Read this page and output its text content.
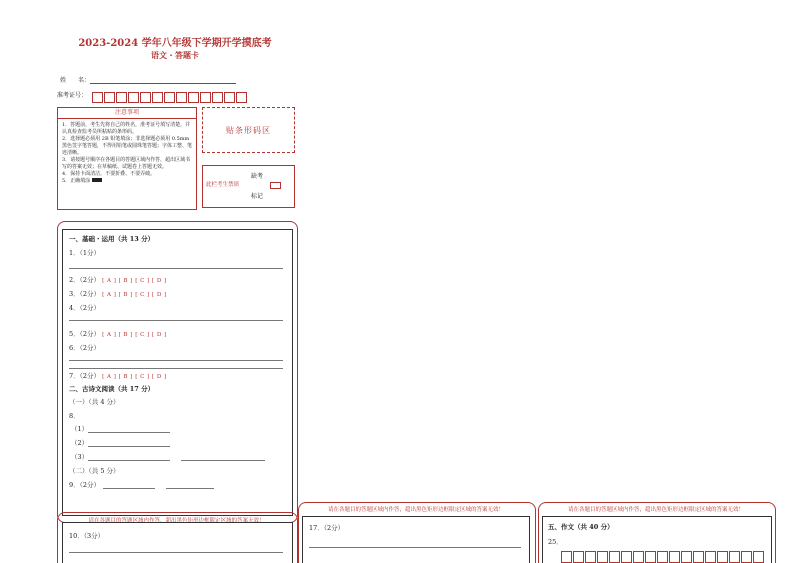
2023-2024 学年八年级下学期开学摸底考
语文・答题卡
姓　　名：
准考证号：
注意事项
1．答题前，考生先将自己的姓名，准考证号填写清楚，并认真检查监考员所粘贴的条形码。
2．选择题必须用 2B 铅笔填涂；非选择题必须用 0.5mm 黑色签字笔答题，不得用铅笔或圆珠笔答题；字体工整、笔迹清晰。
3．请按题号顺序在各题目的答题区域内作答，超出区域书写的答案无效；在草稿纸、试题卷上答题无效。
4．保持卡面清洁，不要折叠、不要弄破。
5．正确填涂
贴条形码区
缺考
此栏考生禁填
标记
一、基础・运用（共 13 分）
1．（1分）
2．（2分） [ A ] [ B ] [ C ] [ D ]
3．（2分） [ A ] [ B ] [ C ] [ D ]
4．（2分）
5．（2分） [ A ] [ B ] [ C ] [ D ]
6．（2分）
7．（2分） [ A ] [ B ] [ C ] [ D ]
二、古诗文阅读（共 17 分）
（一）（共 4 分）
8．
（1）
（2）
（3）
（二）（共 5 分）
9．（2分）
请在各题目的答题区域内作答，超出黑色矩形边框限定区域的答案无效！
10．（3分）
请在各题目的答题区域内作答，超出黑色矩形边框限定区域的答案无效！
17．（2分）
请在各题目的答题区域内作答，超出黑色矩形边框限定区域的答案无效！
五、作文（共 40 分）
25．
